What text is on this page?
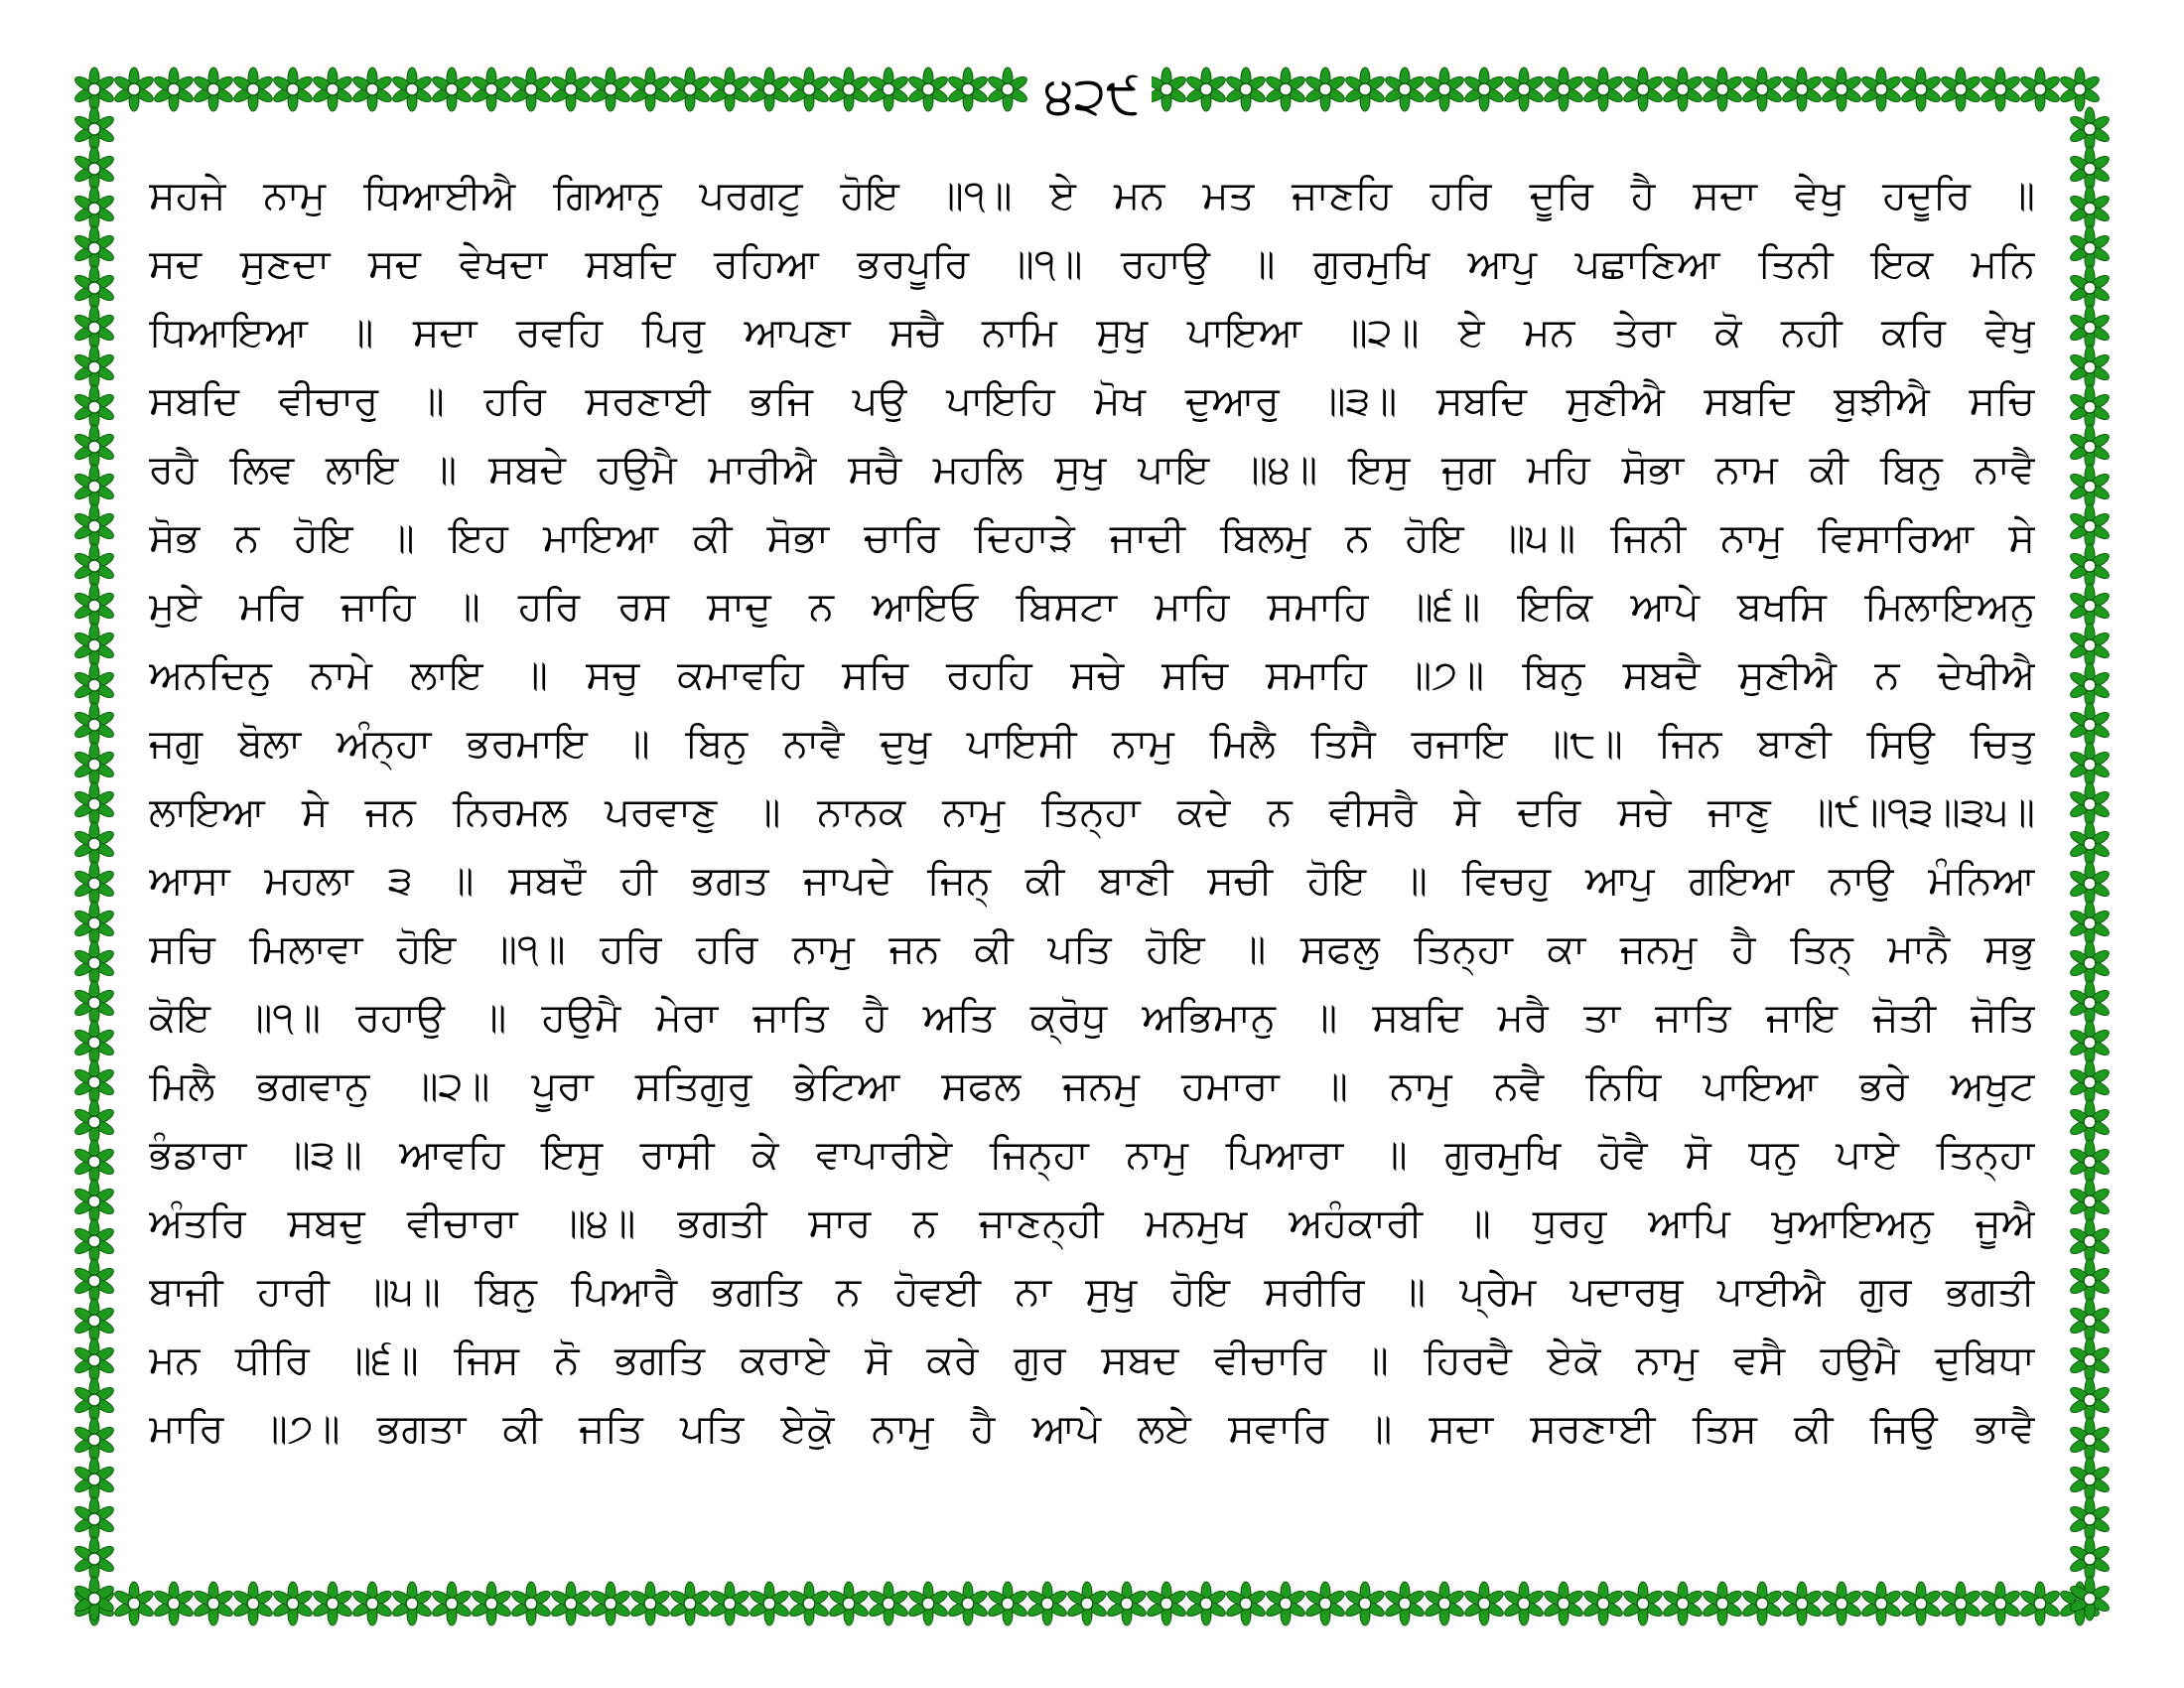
੪੨੯
ਸਹਜੇ ਨਾਮੁ ਧਿਆਈਐ ਗਿਆਨੁ ਪਰਗਟੁ ਹੋਇ ॥੧॥ ਏ ਮਨ ਮਤ ਜਾਣਹਿ ਹਰਿ ਦੂਰਿ ਹੈ ਸਦਾ ਵੇਖੁ ਹਦੂਰਿ ॥
ਸਦ ਸੁਣਦਾ ਸਦ ਵੇਖਦਾ ਸਬਦਿ ਰਹਿਆ ਭਰਪੂਰਿ ॥੧॥ ਰਹਾਉ ॥ ਗੁਰਮੁਖਿ ਆਪੁ ਪਛਾਣਿਆ ਤਿਨੀ ਇਕ ਮਨਿ
ਧਿਆਇਆ ॥ ਸਦਾ ਰਵਹਿ ਪਿਰੁ ਆਪਣਾ ਸਚੈ ਨਾਮਿ ਸੁਖੁ ਪਾਇਆ ॥੨॥ ਏ ਮਨ ਤੇਰਾ ਕੋ ਨਹੀ ਕਰਿ ਵੇਖੁ
ਸਬਦਿ ਵੀਚਾਰੁ ॥ ਹਰਿ ਸਰਣਾਈ ਭਜਿ ਪਉ ਪਾਇਹਿ ਮੋਖ ਦੁਆਰੁ ॥੩॥ ਸਬਦਿ ਸੁਣੀਐ ਸਬਦਿ ਬੁਝੀਐ ਸਚਿ
ਰਹੈ ਲਿਵ ਲਾਇ ॥ ਸਬਦੇ ਹਉਮੈ ਮਾਰੀਐ ਸਚੈ ਮਹਲਿ ਸੁਖੁ ਪਾਇ ॥੪॥ ਇਸੁ ਜੁਗ ਮਹਿ ਸੋਭਾ ਨਾਮ ਕੀ ਬਿਨੁ ਨਾਵੈ
ਸੋਭ ਨ ਹੋਇ ॥ ਇਹ ਮਾਇਆ ਕੀ ਸੋਭਾ ਚਾਰਿ ਦਿਹਾੜੇ ਜਾਦੀ ਬਿਲਮੁ ਨ ਹੋਇ ॥੫॥ ਜਿਨੀ ਨਾਮੁ ਵਿਸਾਰਿਆ ਸੇ
ਮੁਏ ਮਰਿ ਜਾਹਿ ॥ ਹਰਿ ਰਸ ਸਾਦੁ ਨ ਆਇਓ ਬਿਸਟਾ ਮਾਹਿ ਸਮਾਹਿ ॥੬॥ ਇਕਿ ਆਪੇ ਬਖਸਿ ਮਿਲਾਇਅਨੁ
ਅਨਦਿਨੁ ਨਾਮੇ ਲਾਇ ॥ ਸਚੁ ਕਮਾਵਹਿ ਸਚਿ ਰਹਹਿ ਸਚੇ ਸਚਿ ਸਮਾਹਿ ॥੭॥ ਬਿਨੁ ਸਬਦੈ ਸੁਣੀਐ ਨ ਦੇਖੀਐ
ਜਗੁ ਬੋਲਾ ਅੰਨ੍ਹਾ ਭਰਮਾਇ ॥ ਬਿਨੁ ਨਾਵੈ ਦੁਖੁ ਪਾਇਸੀ ਨਾਮੁ ਮਿਲੈ ਤਿਸੈ ਰਜਾਇ ॥੮॥ ਜਿਨ ਬਾਣੀ ਸਿਉ ਚਿਤੁ
ਲਾਇਆ ਸੇ ਜਨ ਨਿਰਮਲ ਪਰਵਾਣੁ ॥ ਨਾਨਕ ਨਾਮੁ ਤਿਨ੍ਹਾ ਕਦੇ ਨ ਵੀਸਰੈ ਸੇ ਦਰਿ ਸਚੇ ਜਾਣੁ ॥੯॥੧੩॥੩੫॥
ਆਸਾ ਮਹਲਾ ੩ ॥ ਸਬਦੌ ਹੀ ਭਗਤ ਜਾਪਦੇ ਜਿਨ੍ ਕੀ ਬਾਣੀ ਸਚੀ ਹੋਇ ॥ ਵਿਚਹੁ ਆਪੁ ਗਇਆ ਨਾਉ ਮੰਨਿਆ
ਸਚਿ ਮਿਲਾਵਾ ਹੋਇ ॥੧॥ ਹਰਿ ਹਰਿ ਨਾਮੁ ਜਨ ਕੀ ਪਤਿ ਹੋਇ ॥ ਸਫਲੁ ਤਿਨ੍ਹਾ ਕਾ ਜਨਮੁ ਹੈ ਤਿਨ੍ ਮਾਨੈ ਸਭੁ
ਕੋਇ ॥੧॥ ਰਹਾਉ ॥ ਹਉਮੈ ਮੇਰਾ ਜਾਤਿ ਹੈ ਅਤਿ ਕ੍ਰੋਧੁ ਅਭਿਮਾਨੁ ॥ ਸਬਦਿ ਮਰੈ ਤਾ ਜਾਤਿ ਜਾਇ ਜੋਤੀ ਜੋਤਿ
ਮਿਲੈ ਭਗਵਾਨੁ ॥੨॥ ਪੂਰਾ ਸਤਿਗੁਰੁ ਭੇਟਿਆ ਸਫਲ ਜਨਮੁ ਹਮਾਰਾ ॥ ਨਾਮੁ ਨਵੈ ਨਿਧਿ ਪਾਇਆ ਭਰੇ ਅਖੁਟ
ਭੰਡਾਰਾ ॥੩॥ ਆਵਹਿ ਇਸੁ ਰਾਸੀ ਕੇ ਵਾਪਾਰੀਏ ਜਿਨ੍ਹਾ ਨਾਮੁ ਪਿਆਰਾ ॥ ਗੁਰਮੁਖਿ ਹੋਵੈ ਸੋ ਧਨੁ ਪਾਏ ਤਿਨ੍ਹਾ
ਅੰਤਰਿ ਸਬਦੁ ਵੀਚਾਰਾ ॥੪॥ ਭਗਤੀ ਸਾਰ ਨ ਜਾਣਨ੍ਹੀ ਮਨਮੁਖ ਅਹੰਕਾਰੀ ॥ ਧੁਰਹੁ ਆਪਿ ਖੁਆਇਅਨੁ ਜੂਐ
ਬਾਜੀ ਹਾਰੀ ॥੫॥ ਬਿਨੁ ਪਿਆਰੈ ਭਗਤਿ ਨ ਹੋਵਈ ਨਾ ਸੁਖੁ ਹੋਇ ਸਰੀਰਿ ॥ ਪ੍ਰੇਮ ਪਦਾਰਥੁ ਪਾਈਐ ਗੁਰ ਭਗਤੀ
ਮਨ ਧੀਰਿ ॥੬॥ ਜਿਸ ਨੋ ਭਗਤਿ ਕਰਾਏ ਸੋ ਕਰੇ ਗੁਰ ਸਬਦ ਵੀਚਾਰਿ ॥ ਹਿਰਦੈ ਏਕੋ ਨਾਮੁ ਵਸੈ ਹਉਮੈ ਦੁਬਿਧਾ
ਮਾਰਿ ॥੭॥ ਭਗਤਾ ਕੀ ਜਤਿ ਪਤਿ ਏਕੋੁ ਨਾਮੁ ਹੈ ਆਪੇ ਲਏ ਸਵਾਰਿ ॥ ਸਦਾ ਸਰਣਾਈ ਤਿਸ ਕੀ ਜਿਉ ਭਾਵੈ
